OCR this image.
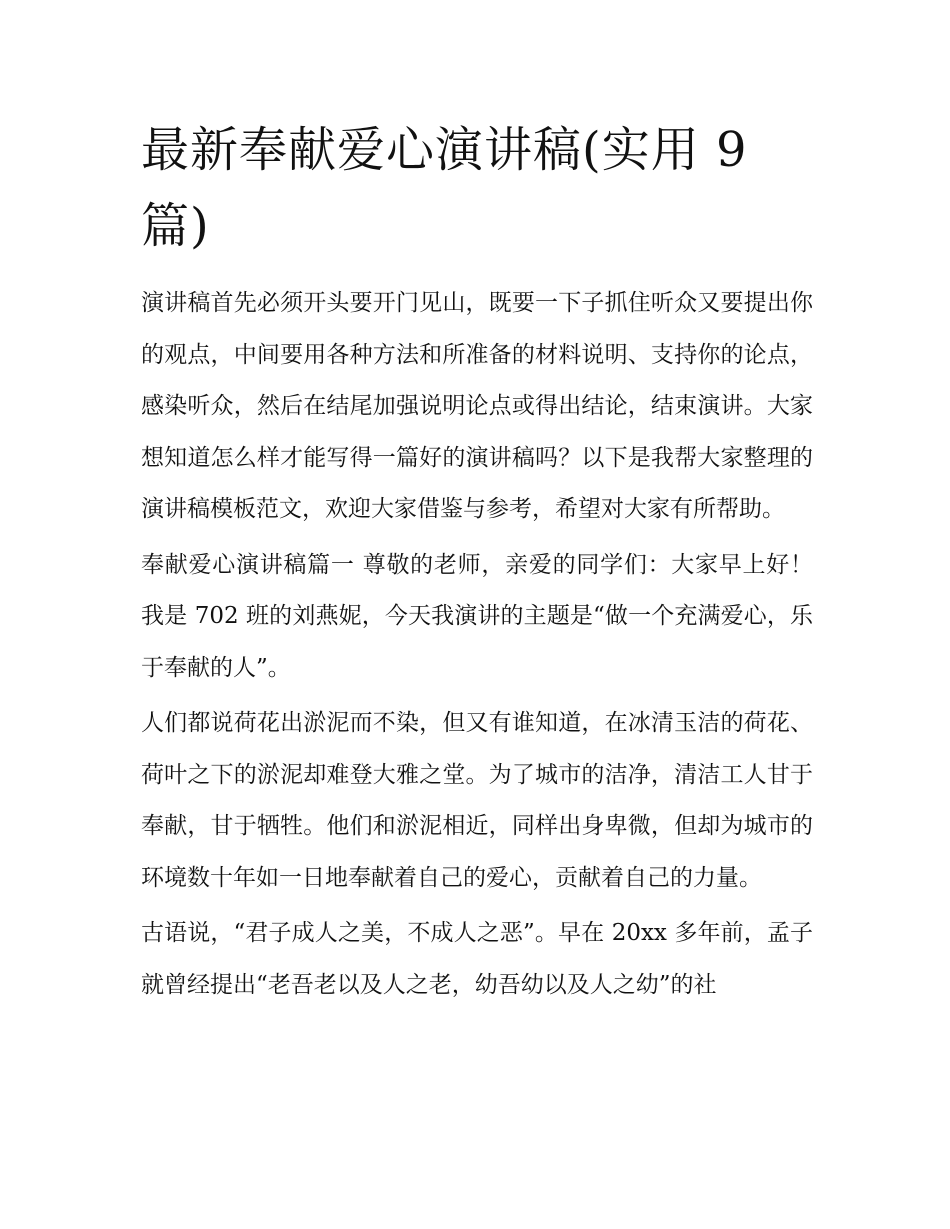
最新奉献爱心演讲稿(实用 9 篇)

演讲稿首先必须开头要开门见山，既要一下子抓住听众又要提出你的观点，中间要用各种方法和所准备的材料说明、支持你的论点，感染听众，然后在结尾加强说明论点或得出结论，结束演讲。大家想知道怎么样才能写得一篇好的演讲稿吗？以下是我帮大家整理的演讲稿模板范文，欢迎大家借鉴与参考，希望对大家有所帮助。

奉献爱心演讲稿篇一 尊敬的老师，亲爱的同学们：大家早上好！ 我是 702 班的刘燕妮，今天我演讲的主题是“做一个充满爱心，乐于奉献的人”。

人们都说荷花出淤泥而不染，但又有谁知道，在冰清玉洁的荷花、荷叶之下的淤泥却难登大雅之堂。为了城市的洁净，清洁工人甘于奉献，甘于牺牲。他们和淤泥相近，同样出身卑微，但却为城市的环境数十年如一日地奉献着自己的爱心，贡献着自己的力量。

古语说，“君子成人之美，不成人之恶”。早在 20xx 多年前，孟子就曾经提出“老吾老以及人之老，幼吾幼以及人之幼”的社
